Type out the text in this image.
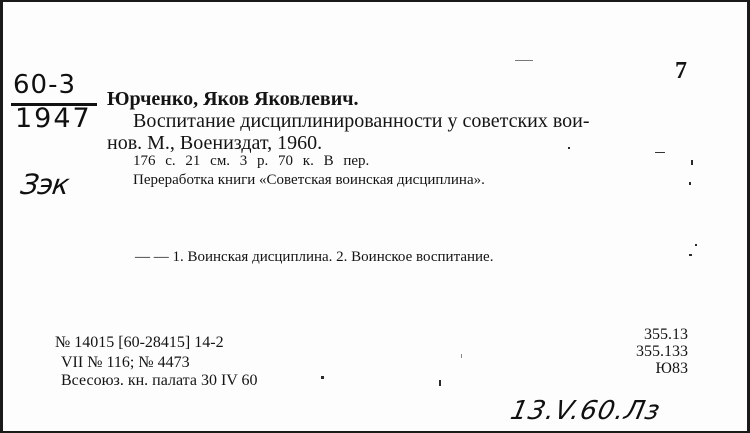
60-3
1947
Зэк
7
Юрченко, Яков Яковлевич.
Воспитание дисциплинированности у советских вои-
нов. М., Воениздат, 1960.
176 с. 21 см. 3 р. 70 к. В пер.
Переработка книги «Советская воинская дисциплина».
— — 1. Воинская дисциплина. 2. Воинское воспитание.
№ 14015 [60-28415] 14-2
VII № 116; № 4473
Всесоюз. кн. палата 30 IV 60
355.13
355.133
Ю83
13.V.60.Лз
